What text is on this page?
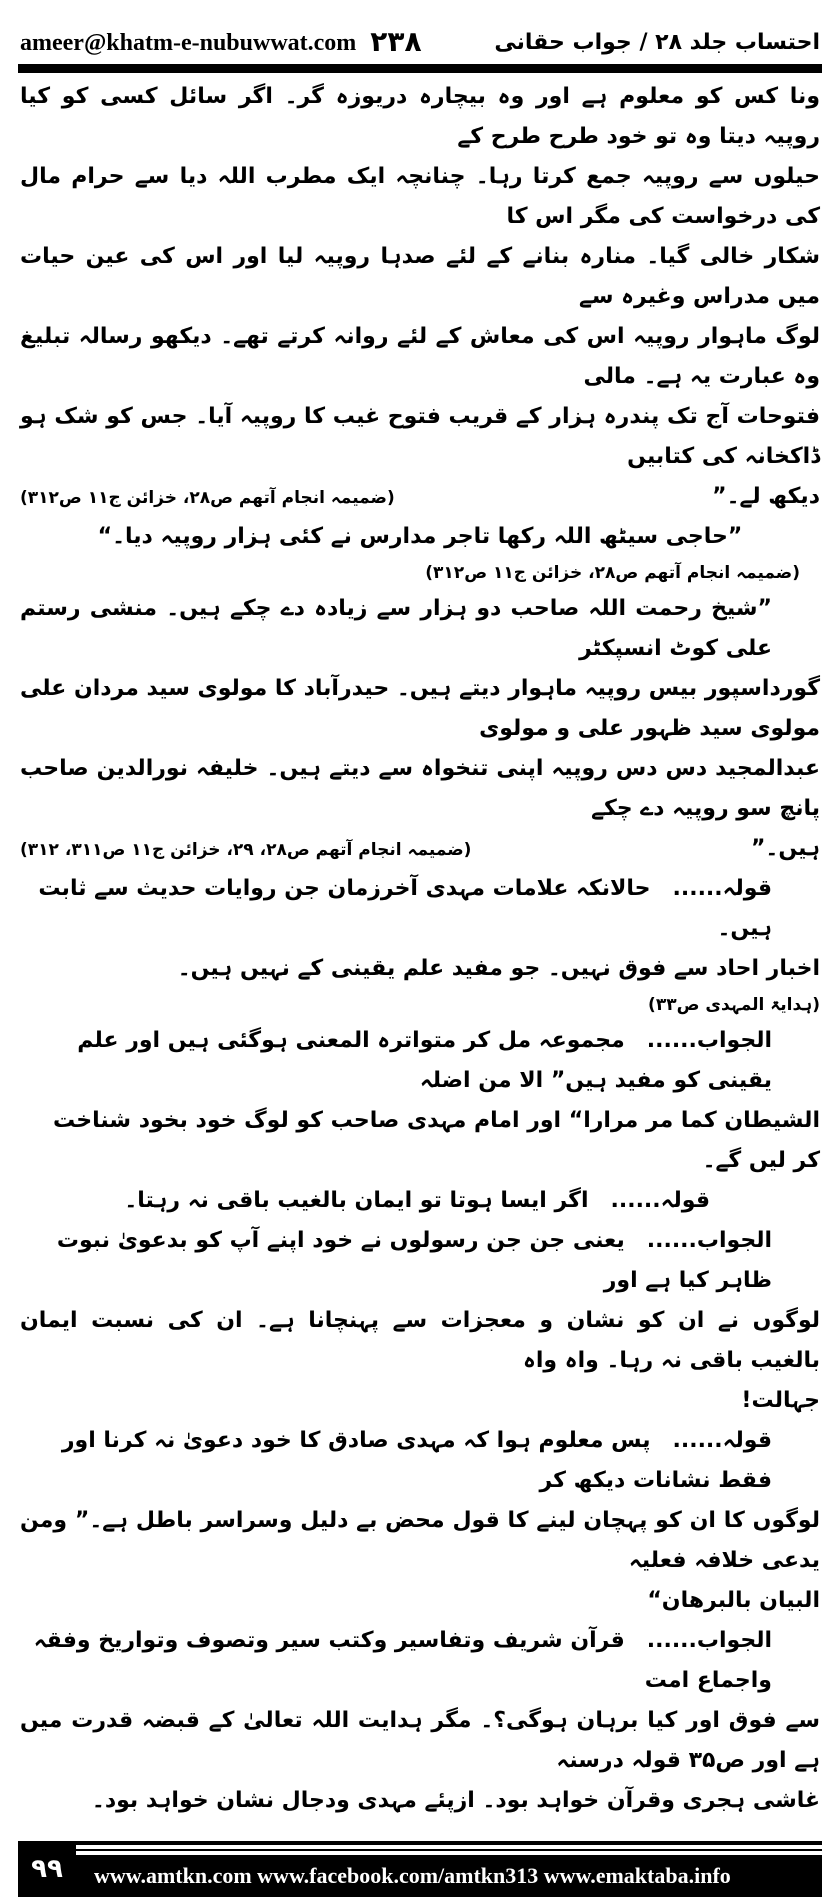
ameer@khatm-e-nubuwwat.com ۲۳۸	احتساب جلد ۲۸ / جواب حقانی
ونا کس کو معلوم ہے اور وہ بیچارہ دریوزہ گر۔ اگر سائل کسی کو کیا روپیہ دیتا وہ تو خود طرح طرح کے
حیلوں سے روپیہ جمع کرتا رہا۔ چنانچہ ایک مطرب اللہ دیا سے حرام مال کی درخواست کی مگر اس کا
شکار خالی گیا۔ منارہ بنانے کے لئے صدہا روپیہ لیا اور اس کی عین حیات میں مدراس وغیرہ سے
لوگ ماہوار روپیہ اس کی معاش کے لئے روانہ کرتے تھے۔ دیکھو رسالہ تبلیغ وہ عبارت یہ ہے۔ مالی
فتوحات آج تک پندرہ ہزار کے قریب فتوح غیب کا روپیہ آیا۔ جس کو شک ہو ڈاکخانہ کی کتابیں
دیکھ لے۔”
(ضمیمہ انجام آتھم ص۲۸، خزائن ج۱۱ ص۳۱۲)
”حاجی سیٹھ اللہ رکھا تاجر مدارس نے کئی ہزار روپیہ دیا۔“
(ضمیمہ انجام آتھم ص۲۸، خزائن ج۱۱ ص۳۱۲)
”شیخ رحمت اللہ صاحب دو ہزار سے زیادہ دے چکے ہیں۔ منشی رستم علی کوٹ انسپکٹر
گورداسپور بیس روپیہ ماہوار دیتے ہیں۔ حیدرآباد کا مولوی سید مردان علی مولوی سید ظہور علی و مولوی
عبدالمجید دس دس روپیہ اپنی تنخواہ سے دیتے ہیں۔ خلیفہ نورالدین صاحب پانچ سو روپیہ دے چکے
ہیں۔”
(ضمیمہ انجام آتھم ص۲۸، ۲۹، خزائن ج۱۱ ص۳۱۱، ۳۱۲)
قولہ......حالانکہ علامات مہدی آخرزمان جن روایات حدیث سے ثابت ہیں۔
اخبار احاد سے فوق نہیں۔ جو مفید علم یقینی کے نہیں ہیں۔
(ہدایۃ المہدی ص۳۳)
الجواب......مجموعہ مل کر متواترہ المعنی ہوگئی ہیں اور علم یقینی کو مفید ہیں” الا من اضلہ
الشیطان کما مر مرارا“ اور امام مہدی صاحب کو لوگ خود بخود شناخت کر لیں گے۔
قولہ......اگر ایسا ہوتا تو ایمان بالغیب باقی نہ رہتا۔
الجواب......یعنی جن جن رسولوں نے خود اپنے آپ کو بدعویٰ نبوت ظاہر کیا ہے اور
لوگوں نے ان کو نشان و معجزات سے پہنچانا ہے۔ ان کی نسبت ایمان بالغیب باقی نہ رہا۔ واہ واہ
جہالت!
قولہ......پس معلوم ہوا کہ مہدی صادق کا خود دعویٰ نہ کرنا اور فقط نشانات دیکھ کر
لوگوں کا ان کو پہچان لینے کا قول محض بے دلیل وسراسر باطل ہے۔” ومن یدعی خلافہ فعلیہ
البیان بالبرھان“
الجواب......قرآن شریف وتفاسیر وکتب سیر وتصوف وتواریخ وفقہ واجماع امت
سے فوق اور کیا برہان ہوگی؟۔ مگر ہدایت اللہ تعالیٰ کے قبضہ قدرت میں ہے اور ص۳۵ قولہ درسنہ
غاشی ہجری وقرآن خواہد بود۔ ازپئے مہدی ودجال نشان خواہد بود۔
۹۹	www.amtkn.com www.facebook.com/amtkn313 www.emaktaba.info
